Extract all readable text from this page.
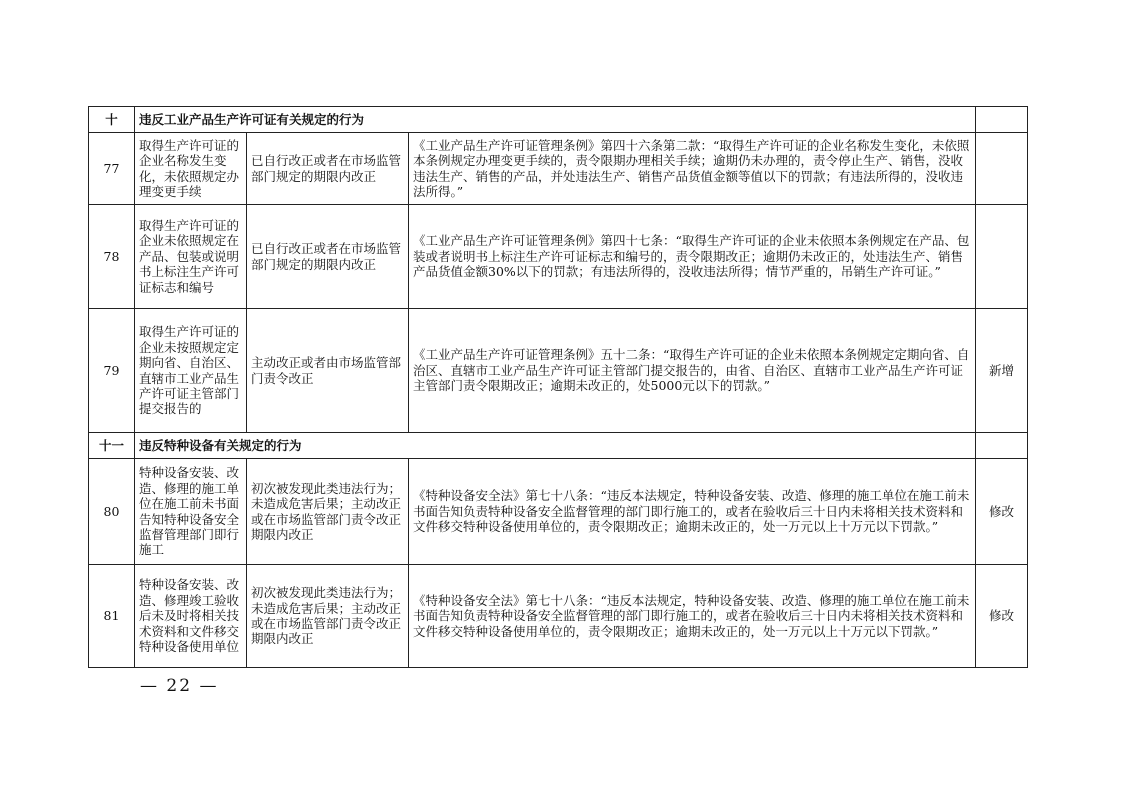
十	违反工业产品生产许可证有关规定的行为			
77	取得生产许可证的企业名称发生变化，未依照规定办理变更手续	已自行改正或者在市场监管部门规定的期限内改正	《工业产品生产许可证管理条例》第四十六条第二款：“取得生产许可证的企业名称发生变化，未依照本条例规定办理变更手续的，责令限期办理相关手续；逾期仍未办理的，责令停止生产、销售，没收违法生产、销售的产品，并处违法生产、销售产品货值金额等值以下的罚款；有违法所得的，没收违法所得。”	
78	取得生产许可证的企业未依照规定在产品、包装或说明书上标注生产许可证标志和编号	已自行改正或者在市场监管部门规定的期限内改正	《工业产品生产许可证管理条例》第四十七条：“取得生产许可证的企业未依照本条例规定在产品、包装或者说明书上标注生产许可证标志和编号的，责令限期改正；逾期仍未改正的，处违法生产、销售产品货值金额30%以下的罚款；有违法所得的，没收违法所得；情节严重的，吊销生产许可证。”	
79	取得生产许可证的企业未按照规定定期向省、自治区、直辖市工业产品生产许可证主管部门提交报告的	主动改正或者由市场监管部门责令改正	《工业产品生产许可证管理条例》五十二条：“取得生产许可证的企业未依照本条例规定定期向省、自治区、直辖市工业产品生产许可证主管部门提交报告的，由省、自治区、直辖市工业产品生产许可证主管部门责令限期改正；逾期未改正的，处5000元以下的罚款。”	新增
十一	违反特种设备有关规定的行为			
80	特种设备安装、改造、修理的施工单位在施工前未书面告知特种设备安全监督管理部门即行施工	初次被发现此类违法行为；未造成危害后果；主动改正或在市场监管部门责令改正期限内改正	《特种设备安全法》第七十八条：“违反本法规定，特种设备安装、改造、修理的施工单位在施工前未书面告知负责特种设备安全监督管理的部门即行施工的，或者在验收后三十日内未将相关技术资料和文件移交特种设备使用单位的，责令限期改正；逾期未改正的，处一万元以上十万元以下罚款。”	修改
81	特种设备安装、改造、修理竣工验收后未及时将相关技术资料和文件移交特种设备使用单位	初次被发现此类违法行为；未造成危害后果；主动改正或在市场监管部门责令改正期限内改正	《特种设备安全法》第七十八条：“违反本法规定，特种设备安装、改造、修理的施工单位在施工前未书面告知负责特种设备安全监督管理的部门即行施工的，或者在验收后三十日内未将相关技术资料和文件移交特种设备使用单位的，责令限期改正；逾期未改正的，处一万元以上十万元以下罚款。”	修改
— 22 —
